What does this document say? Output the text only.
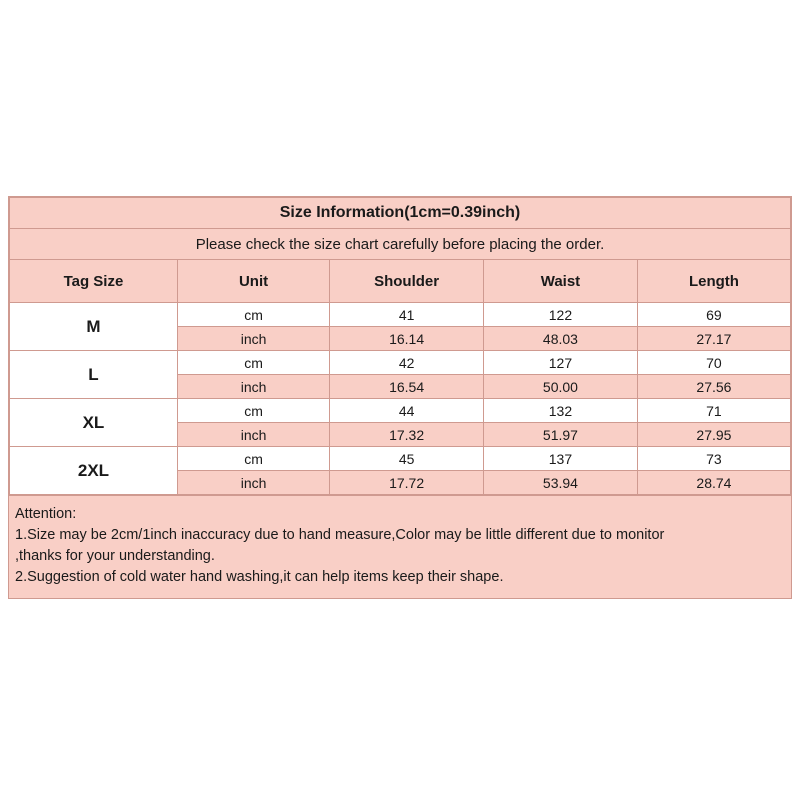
Size Information(1cm=0.39inch)				
Please check the size chart carefully before placing the order.				
Tag Size	Unit	Shoulder	Waist	Length
M	cm	41	122	69
	inch	16.14	48.03	27.17
L	cm	42	127	70
	inch	16.54	50.00	27.56
XL	cm	44	132	71
	inch	17.32	51.97	27.95
2XL	cm	45	137	73
	inch	17.72	53.94	28.74
Attention:
1.Size may be 2cm/1inch inaccuracy due to hand measure,Color may be little different due to monitor
,thanks for your understanding.
2.Suggestion of cold water hand washing,it can help items keep their shape.
